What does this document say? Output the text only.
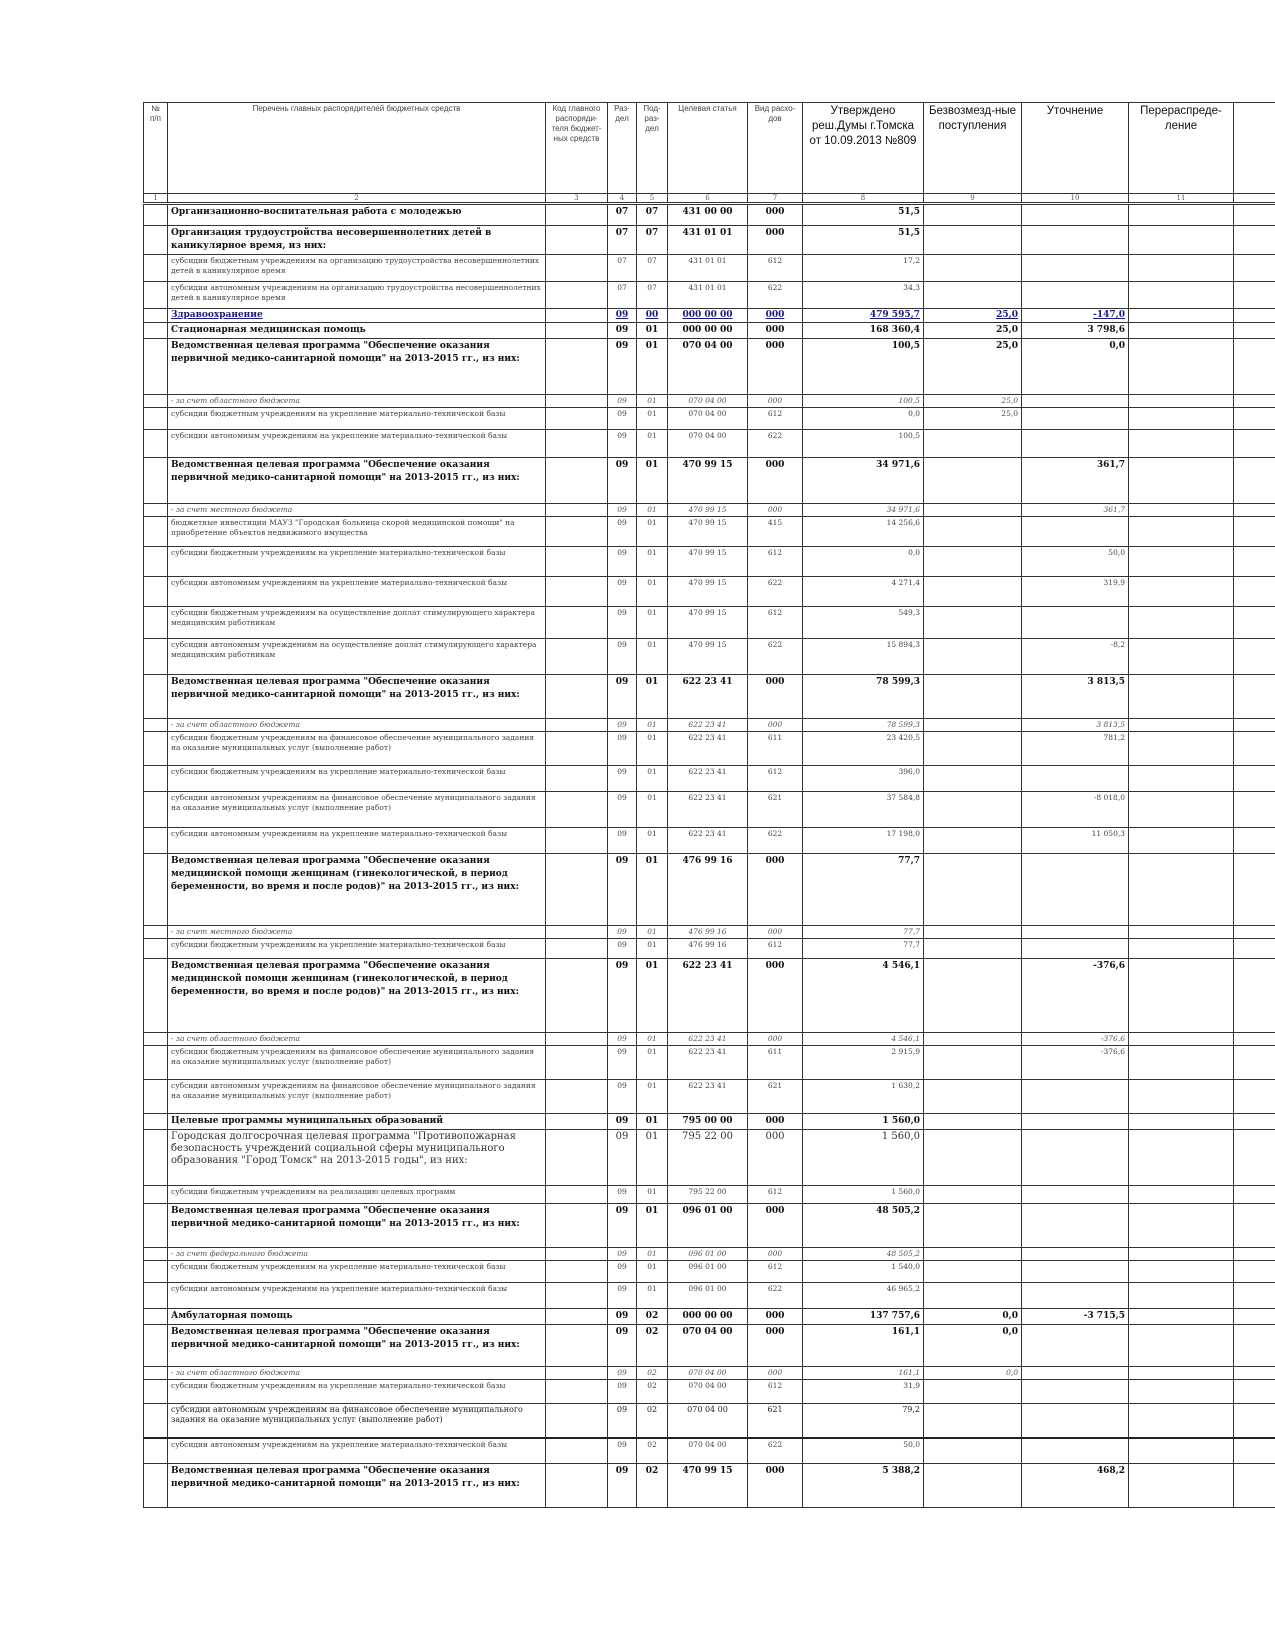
№ п/п	Перечень главных распорядителей бюджетных средств	Код главного распоряди-теля бюджет-ных средств	Раз-дел	Под-раз-дел	Целевая статья	Вид расхо-дов	Утверждено реш.Думы г.Томска от 10.09.2013 №809	Безвозмезд-ные поступления	Уточнение	Перераспреде-ление	
1	2	3	4	5	6	7	8	9	10	11	
	Организационно-воспитательная работа с молодежью		07	07	431 00 00	000	51,5				
	Организация трудоустройства несовершеннолетних детей в каникулярное время, из них:		07	07	431 01 01	000	51,5				
	субсидии бюджетным учреждениям на организацию трудоустройства несовершеннолетних детей в каникулярное время		07	07	431 01 01	612	17,2				
	субсидии автономным учреждениям на организацию трудоустройства несовершеннолетних детей в каникулярное время		07	07	431 01 01	622	34,3				
	Здравоохранение		09	00	000 00 00	000	479 595,7	25,0	-147,0		
	Стационарная медицинская помощь		09	01	000 00 00	000	168 360,4	25,0	3 798,6		
	Ведомственная целевая программа "Обеспечение оказания первичной медико-санитарной помощи" на 2013-2015 гг., из них:		09	01	070 04 00	000	100,5	25,0	0,0		
	- за счет областного бюджета		09	01	070 04 00	000	100,5	25,0			
	субсидии бюджетным учреждениям на укрепление материально-технической базы		09	01	070 04 00	612	0,0	25,0			
	субсидии автономным учреждениям на укрепление материально-технической базы		09	01	070 04 00	622	100,5				
	Ведомственная целевая программа "Обеспечение оказания первичной медико-санитарной помощи" на 2013-2015 гг., из них:		09	01	470 99 15	000	34 971,6		361,7		
	- за счет местного бюджета		09	01	470 99 15	000	34 971,6		361,7		
	бюджетные инвестиции МАУЗ "Городская больница скорой медицинской помощи" на приобретение объектов недвижимого имущества		09	01	470 99 15	415	14 256,6				
	субсидии бюджетным учреждениям на укрепление материально-технической базы		09	01	470 99 15	612	0,0		50,0		
	субсидии автономным учреждениям на укрепление материально-технической базы		09	01	470 99 15	622	4 271,4		319,9		
	субсидии бюджетным учреждениям на осуществление доплат стимулирующего характера медицинским работникам		09	01	470 99 15	612	549,3				
	субсидии автономным учреждениям на осуществление доплат стимулирующего характера медицинским работникам		09	01	470 99 15	622	15 894,3		-8,2		
	Ведомственная целевая программа "Обеспечение оказания первичной медико-санитарной помощи" на 2013-2015 гг., из них:		09	01	622 23 41	000	78 599,3		3 813,5		
	- за счет областного бюджета		09	01	622 23 41	000	78 599,3		3 813,5		
	субсидии бюджетным учреждениям на финансовое обеспечение муниципального задания на оказание муниципальных услуг (выполнение работ)		09	01	622 23 41	611	23 420,5		781,2		
	субсидии бюджетным учреждениям на укрепление материально-технической базы		09	01	622 23 41	612	396,0				
	субсидии автономным учреждениям на финансовое обеспечение муниципального задания на оказание муниципальных услуг (выполнение работ)		09	01	622 23 41	621	37 584,8		-8 018,0		
	субсидии автономным учреждениям на укрепление материально-технической базы		09	01	622 23 41	622	17 198,0		11 050,3		
	Ведомственная целевая программа "Обеспечение оказания медицинской помощи женщинам (гинекологической, в период беременности, во время и после родов)" на 2013-2015 гг., из них:		09	01	476 99 16	000	77,7				
	- за счет местного бюджета		09	01	476 99 16	000	77,7				
	субсидии бюджетным учреждениям на укрепление материально-технической базы		09	01	476 99 16	612	77,7				
	Ведомственная целевая программа "Обеспечение оказания медицинской помощи женщинам (гинекологической, в период беременности, во время и после родов)" на 2013-2015 гг., из них:		09	01	622 23 41	000	4 546,1		-376,6		
	- за счет областного бюджета		09	01	622 23 41	000	4 546,1		-376,6		
	субсидии бюджетным учреждениям на финансовое обеспечение муниципального задания на оказание муниципальных услуг (выполнение работ)		09	01	622 23 41	611	2 915,9		-376,6		
	субсидии автономным учреждениям на финансовое обеспечение муниципального задания на оказание муниципальных услуг (выполнение работ)		09	01	622 23 41	621	1 630,2				
	Целевые программы муниципальных образований		09	01	795 00 00	000	1 560,0				
	Городская долгосрочная целевая программа "Противопожарная безопасность учреждений социальной сферы муниципального образования "Город Томск" на 2013-2015 годы", из них:		09	01	795 22 00	000	1 560,0				
	субсидии бюджетным учреждениям на реализацию целевых программ		09	01	795 22 00	612	1 560,0				
	Ведомственная целевая программа "Обеспечение оказания первичной медико-санитарной помощи" на 2013-2015 гг., из них:		09	01	096 01 00	000	48 505,2				
	- за счет федерального бюджета		09	01	096 01 00	000	48 505,2				
	субсидии бюджетным учреждениям на укрепление материально-технической базы		09	01	096 01 00	612	1 540,0				
	субсидии автономным учреждениям на укрепление материально-технической базы		09	01	096 01 00	622	46 965,2				
	Амбулаторная помощь		09	02	000 00 00	000	137 757,6	0,0	-3 715,5		
	Ведомственная целевая программа "Обеспечение оказания первичной медико-санитарной помощи" на 2013-2015 гг., из них:		09	02	070 04 00	000	161,1	0,0			
	- за счет областного бюджета		09	02	070 04 00	000	161,1	0,0			
	субсидии бюджетным учреждениям на укрепление материально-технической базы		09	02	070 04 00	612	31,9				
	субсидии автономным учреждениям на финансовое обеспечение муниципального задания на оказание муниципальных услуг (выполнение работ)		09	02	070 04 00	621	79,2				
	субсидии автономным учреждениям на укрепление материально-технической базы		09	02	070 04 00	622	50,0				
	Ведомственная целевая программа "Обеспечение оказания первичной медико-санитарной помощи" на 2013-2015 гг., из них:		09	02	470 99 15	000	5 388,2		468,2		
